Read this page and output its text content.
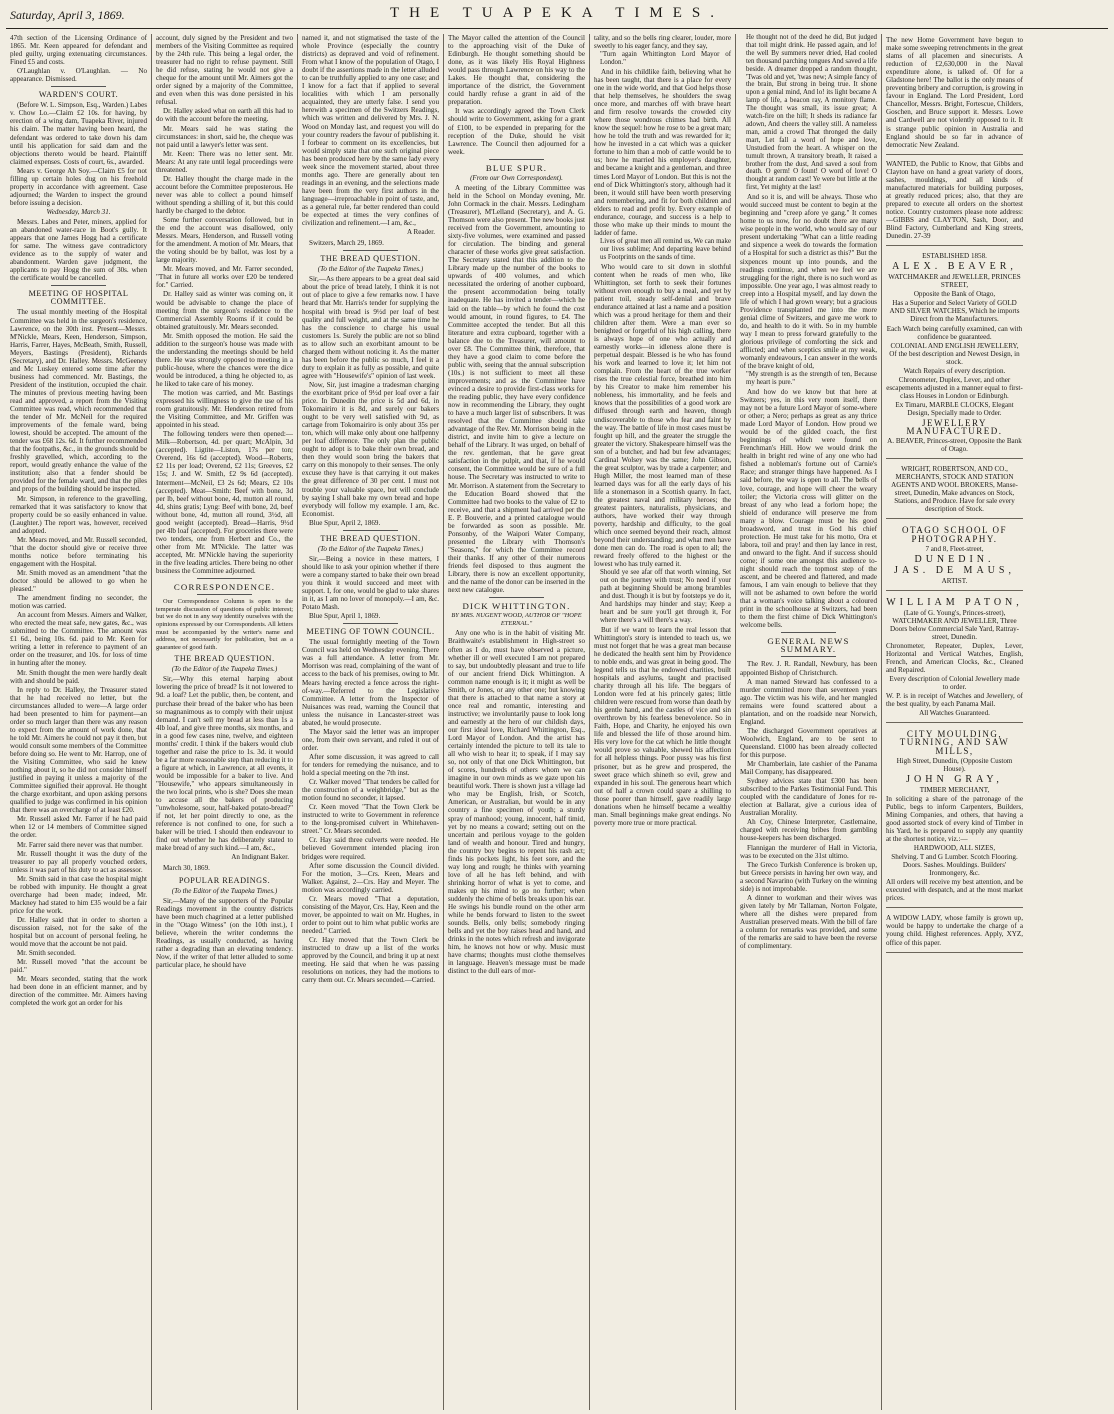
Saturday, April 3, 1869.	THE TUAPEKA TIMES.

47th section of the Licensing Ordinance of 1865. Mr. Keen appeared for defendant and pled guilty, urging extenuating circumstances. Fined £5 and costs.

O'Laughlan v. O'Laughlan. — No appearance. Dismissed.

WARDEN'S COURT.

(Before W. L. Simpson, Esq., Warden.) Labes v. Chow Lo.—Claim £2 10s. for having, by erection of a wing dam, Tuapeka River, injured his claim. The matter having been heard, the defendant was ordered to take down his dam until his application for said dam and the objections thereto would be heard. Plaintiff claimed expenses. Costs of court, 6s., awarded.

Mears v. George Ah Soy.—Claim £5 for not filling up certain holes dug on his freehold property in accordance with agreement. Case adjourned; the Warden to inspect the ground before issuing a decision.

Wednesday, March 31.

Messrs. Labes and Peter, miners, applied for an abandoned water-race in Boot's gully. It appears that one James Hogg had a certificate for same. The witness gave contradictory evidence as to the supply of water and abandonment. Warden gave judgment, the applicants to pay Hogg the sum of 30s. when the certificate would be cancelled.

MEETING OF HOSPITAL COMMITTEE.

The usual monthly meeting of the Hospital Committee was held in the surgeon's residence, Lawrence, on the 30th inst. Present—Messrs. M'Nickle, Mears, Keen, Henderson, Simpson, Harris, Farrer, Hayes, McBeath, Smith, Russell, Meyers, Bastings (President), Richards (Secretary), and Dr. Halley. Messrs. McGeeney and Mc Luskey entered some time after the business had commenced. Mr. Bastings, the President of the institution, occupied the chair. The minutes of previous meeting having been read and approved, a report from the Visiting Committee was read, which recommended that the tender of Mr. McNeil for the required improvements of the female ward, being lowest, should be accepted. The amount of the tender was £68 12s. 6d. It further recommended that the footpaths, &c., in the grounds should be freshly gravelled, which, according to the report, would greatly enhance the value of the institution; also that a fender should be provided for the female ward, and that the piles and props of the building should be inspected.

Mr. Simpson, in reference to the gravelling, remarked that it was satisfactory to know that property could be so easily enhanced in value. (Laughter.) The report was, however, received and adopted.

Mr. Mears moved, and Mr. Russell seconded, "that the doctor should give or receive three months notice before terminating his engagement with the Hospital.

Mr. Smith moved as an amendment "that the doctor should be allowed to go when he pleased."

The amendment finding no seconder, the motion was carried.

An account from Messrs. Aimers and Walker, who erected the meat safe, new gates, &c., was submitted to the Committee. The amount was £1 6d., being 10s. 6d. paid to Mr. Keen for writing a letter in reference to payment of an order on the treasurer, and 10s. for loss of time in hunting after the money.

Mr. Smith thought the men were hardly dealt with and should be paid.

In reply to Dr. Halley, the Treasurer stated that he had received no letter, but the circumstances alluded to were—A large order had been presented to him for payment—an order so much larger than there was any reason to expect from the amount of work done, that he told Mr. Aimers he could not pay it then, but would consult some members of the Committee before doing so. He went to Mr. Harrop, one of the Visiting Committee, who said he knew nothing about it, so he did not consider himself justified in paying it unless a majority of the Committee signified their approval. He thought the charge exorbitant, and upon asking persons qualified to judge was confirmed in his opinion that there was an overcharge of at least £20.

Mr. Russell asked Mr. Farrer if he had paid when 12 or 14 members of Committee signed the order.

Mr. Farrer said there never was that number.

Mr. Russell thought it was the duty of the treasurer to pay all properly vouched orders, unless it was part of his duty to act as assessor.

Mr. Smith said in that case the hospital might be robbed with impunity. He thought a great overcharge had been made; indeed, Mr. Mackney had stated to him £35 would be a fair price for the work.

Dr. Halley said that in order to shorten a discussion raised, not for the sake of the hospital but on account of personal feeling, he would move that the account be not paid.

Mr. Smith seconded.

Mr. Russell moved "that the account be paid."

Mr. Mears seconded, stating that the work had been done in an efficient manner, and by direction of the committee. Mr. Aimers having completed the work got an order for his

account, duly signed by the President and two members of the Visiting Committee as required by the 24th rule. This being a legal order, the treasurer had no right to refuse payment. Still he did refuse, stating he would not give a cheque for the amount until Mr. Aimers got the order signed by a majority of the Committee, and even when this was done persisted in his refusal.

Dr. Halley asked what on earth all this had to do with the account before the meeting.

Mr. Mears said he was stating the circumstances: in short, said he, the cheque was not paid until a lawyer's letter was sent.

Mr. Keen: There was no letter sent. Mr. Mears: At any rate until legal proceedings were threatened.

Dr. Halley thought the charge made in the account before the Committee preposterous. He never was able to collect a pound himself without spending a shilling of it, but this could hardly be charged to the debtor.

Some further conversation followed, but in the end the account was disallowed, only Messrs. Mears, Henderson, and Russell voting for the amendment. A motion of Mr. Mears, that the voting should be by ballot, was lost by a large majority.

Mr. Mears moved, and Mr. Farrer seconded, "That in future all works over £20 be tendered for." Carried.

Dr. Halley said as winter was coming on, it would be advisable to change the place of meeting from the surgeon's residence to the Commercial Assembly Rooms if it could be obtained gratuitously. Mr. Mears seconded.

Mr. Smith opposed the motion. He said the addition to the surgeon's house was made with the understanding the meetings should be held there. He was strongly opposed to meeting in a public-house, where the chances were the dice would be introduced, a thing he objected to, as he liked to take care of his money.

The motion was carried, and Mr. Bastings expressed his willingness to give the use of his room gratuitously. Mr. Henderson retired from the Visiting Committee, and Mr. Griffen was appointed in his stead.

The following tenders were then opened:—Milk—Robertson, 4d. per quart; McAlpin, 3d (accepted). Ligtite—Liston, 17s per ton; Overend, 16s 6d (accepted). Wood—Roberts, £2 11s per load; Overend, £2 11s; Greeves, £2 15s; J. and W. Smith, £2 9s 6d (accepted). Interment—McNeil, £3 2s 6d; Mears, £2 10s (accepted). Meat—Smith: Beef with bone, 3d per lb, beef without bone, 4d, mutton all round, 4d, shins gratis; Lyng: Beef with bone, 2d, beef without bone, 4d, mutton all round, 3½d, all good weight (accepted). Bread—Harris, 9½d per 4lb loaf (accepted). For groceries there were two tenders, one from Herbert and Co., the other from Mr. M'Nickle. The latter was accepted, Mr. M'Nickle having the superiority in the five leading articles. There being no other business the Committee adjourned.

CORRESPONDENCE.

Our Correspondence Column is open to the temperate discussion of questions of public interest; but we do not in any way identify ourselves with the opinions expressed by our Correspondents. All letters must be accompanied by the writer's name and address, not necessarily for publication, but as a guarantee of good faith.

THE BREAD QUESTION.
(To the Editor of the Tuapeka Times.)

Sir,—Why this eternal harping about lowering the price of bread? Is it not lowered to 9d. a loaf? Let the public, then, be content, and purchase their bread of the baker who has been so magnanimous as to comply with their unjust demand. I can't sell my bread at less than 1s a 4lb loaf, and give three months, six months, and in a good few cases nine, twelve, and eighteen months' credit. I think if the bakers would club together and raise the price to 1s. 3d. it would be a far more reasonable step than reducing it to a figure at which, in Lawrence, at all events, it would be impossible for a baker to live. And "Housewife," who appears simultaneously in the two local prints, who is she? Does she mean to accuse all the bakers of producing "unwholesome, sour, half-baked potato-bread?" if not, let her point directly to one, as the reference is not confined to one, for such a baker will be tried. I should then endeavour to find out whether he has deliberately stated to make bread of any such kind.—I am, &c.,

An Indignant Baker.
March 30, 1869.
POPULAR READINGS.
(To the Editor of the Tuapeka Times.)

Sir,—Many of the supporters of the Popular Readings movement in the country districts have been much chagrined at a letter published in the "Otago Witness" (on the 10th inst.), I believe, wherein the writer condemns the Readings, as usually conducted, as having rather a degrading than an elevating tendency. Now, if the writer of that letter alluded to some particular place, he should have

named it, and not stigmatised the taste of the whole Province (especially the country districts) as depraved and void of refinement. From what I know of the population of Otago, I doubt if the assertions made in the letter alluded to can be truthfully applied to any one case; and I know for a fact that if applied to several localities with which I am personally acquainted, they are utterly false. I send you herewith a specimen of the Switzers Readings, which was written and delivered by Mrs. J. N. Wood on Monday last, and request you will do your country readers the favour of publishing it. I forbear to comment on its excellencies, but would simply state that one such original piece has been produced here by the same lady every week since the movement started, about three months ago. There are generally about ten readings in an evening, and the selections made have been from the very first authors in the language—irreproachable in point of taste, and, as a general rule, far better rendered than could be expected at times the very confines of civilization and refinement.—I am, &c.,

A Reader.
Switzers, March 29, 1869.
THE BREAD QUESTION.
(To the Editor of the Tuapeka Times.)

Sir,—As there appears to be a great deal said about the price of bread lately, I think it is not out of place to give a few remarks now. I have heard that Mr. Harris's tender for supplying the hospital with bread is 9½d per loaf of best quality and full weight, and at the same time he has the conscience to charge his usual customers 1s. Surely the public are not so blind as to allow such an exorbitant amount to be charged them without noticing it. As the matter has been before the public so much, I feel it a duty to explain it as fully as possible, and quite agree with "Housewife's" opinion of last week.

Now, Sir, just imagine a tradesman charging the exorbitant price of 9½d per loaf over a fair price. In Dunedin the price is 5d and 6d, in Tokomairiro it is 8d, and surely our bakers ought to be very well satisfied with 9d, as cartage from Tokomairiro is only about 35s per ton, which will make only about one halfpenny per loaf difference. The only plan the public ought to adopt is to bake their own bread, and then they would soon bring the bakers that carry on this monopoly to their senses. The only excuse they have is that carrying it out makes the great difference of 30 per cent. I must not trouble your valuable space, but will conclude by saying I shall bake my own bread and hope everybody will follow my example. I am, &c. Economist.

Blue Spur, April 2, 1869.
THE BREAD QUESTION.
(To the Editor of the Tuapeka Times.)

Sir,—Being a novice in these matters, I should like to ask your opinion whether if there were a company started to bake their own bread you think it would succeed and meet with support. I, for one, would be glad to take shares in it, as I am no lover of monopoly.—I am, &c. Potato Mash.

Blue Spur, April 1, 1869.
MEETING OF TOWN COUNCIL.

The usual fortnightly meeting of the Town Council was held on Wednesday evening. There was a full attendance. A letter from Mr. Morrison was read, complaining of the want of access to the back of his premises, owing to Mr. Mears having erected a fence across the right-of-way.—Referred to the Legislative Committee. A letter from the Inspector of Nuisances was read, warning the Council that unless the nuisance in Lancaster-street was abated, he would prosecute.

The Mayor said the letter was an improper one, from their own servant, and ruled it out of order.

After some discussion, it was agreed to call for tenders for remedying the nuisance, and to hold a special meeting on the 7th inst.

Cr. Walker moved "That tenders be called for the construction of a weighbridge," but as the motion found no seconder, it lapsed.

Cr. Keen moved "That the Town Clerk be instructed to write to Government in reference to the long-promised culvert in Whitehaven-street." Cr. Mears seconded.

Cr. Hay said three culverts were needed. He believed Government intended placing iron bridges were required.

After some discussion the Council divided. For the motion, 3—Crs. Keen, Mears and Walker. Against, 2—Crs. Hay and Meyer. The motion was accordingly carried.

Cr. Mears moved "That a deputation, consisting of the Mayor, Crs. Hay, Keen and the mover, be appointed to wait on Mr. Hughes, in order to point out to him what public works are needed." Carried.

Cr. Hay moved that the Town Clerk be instructed to draw up a list of the works approved by the Council, and bring it up at next meeting. He said that when he was passing resolutions on notices, they had the motions to carry them out. Cr. Mears seconded.—Carried.

The Mayor called the attention of the Council to the approaching visit of the Duke of Edinburgh. He thought something should be done, as it was likely His Royal Highness would pass through Lawrence on his way to the Lakes. He thought that, considering the importance of the district, the Government could hardly refuse a grant in aid of the preparation.

It was accordingly agreed the Town Clerk should write to Government, asking for a grant of £100, to be expended in preparing for the reception of the Duke, should he visit Lawrence. The Council then adjourned for a week.

BLUE SPUR.
(From our Own Correspondent).

A meeting of the Library Committee was held in the School on Monday evening, Mr. John Cormack in the chair. Messrs. Ledingham (Treasurer), M'Lelland (Secretary), and A. G. Thomson were also present. The new books just received from the Government, amounting to sixty-five volumes, were examined and passed for circulation. The binding and general character of these works give great satisfaction. The Secretary stated that this addition to the Library made up the number of the books to upwards of 400 volumes, and which necessitated the ordering of another cupboard, the present accommodation being totally inadequate. He has invited a tender—which he laid on the table—by which he found the cost would amount, in round figures, to £4. The Committee accepted the tender. But all this literature and extra cupboard, together with a balance due to the Treasurer, will amount to over £8. The Committee think, therefore, that they have a good claim to come before the public with, seeing that the annual subscription (10s.) is not sufficient to meet all these improvements; and as the Committee have evinced a desire to provide first-class works for the reading public, they have every confidence now in recommending the Library, they ought to have a much larger list of subscribers. It was resolved that the Committee should take advantage of the Rev. Mr. Morrison being in the district, and invite him to give a lecture on behalf of the Library. It was urged, on behalf of the rev. gentleman, that he gave great satisfaction in the pulpit, and that, if he would consent, the Committee would be sure of a full house. The Secretary was instructed to write to Mr. Morrison. A statement from the Secretary to the Education Board showed that the Committee had two books to the value of £2 to receive, and that a shipment had arrived per the E. P. Bouverie, and a printed catalogue would be forwarded as soon as possible. Mr. Ponsonby, of the Waipori Water Company, presented the Library with Thomson's "Seasons," for which the Committee record their thanks. If any other of their numerous friends feel disposed to thus augment the Library, there is now an excellent opportunity, and the name of the donor can be inserted in the next new catalogue.

DICK WHITTINGTON.
BY MRS. NUGENT WOOD, AUTHOR OF "HOPE ETERNAL."

Any one who is in the habit of visiting Mr. Braithwaite's establishment in High-street so often as I do, must have observed a picture, whether ill or well executed I am not prepared to say, but undoubtedly pleasant and true to life of our ancient friend Dick Whittington. A common name enough is it; it might as well be Smith, or Jones, or any other one; but knowing that there is attached to that name a story at once real and romantic, interesting and instructive; we involuntarily pause to look long and earnestly at the hero of our childish days, our first ideal love, Richard Whittington, Esq., Lord Mayor of London. And the artist has certainly intended the picture to tell its tale to all who wish to hear it; to speak, if I may say so, not only of that one Dick Whittington, but of scores, hundreds of others whom we can imagine in our own minds as we gaze upon his beautiful work. There is shown just a village lad who may be English, Irish, or Scotch, American, or Australian, but would be in any country a fine specimen of youth; a sturdy spray of manhood; young, innocent, half timid, yet by no means a coward; setting out on the uncertain and perilous voyage to the golden land of wealth and honour. Tired and hungry, the country boy begins to repent his rash act; finds his pockets light, his feet sore, and the way long and rough; he thinks with yearning love of all he has left behind, and with shrinking horror of what is yet to come, and makes up his mind to go no further; when suddenly the chime of bells breaks upon his ear. He swings his bundle round on the other arm while he bends forward to listen to the sweet sounds. Bells, only bells; somebody ringing bells and yet the boy raises head and hand, and drinks in the notes which refresh and invigorate him, he knows not how or why. Music must have charms; thoughts must clothe themselves in language. Heaven's message must be made distinct to the dull ears of mor-

tality, and so the bells ring clearer, louder, more sweetly to his eager fancy, and they say,

"Turn again Whittington Lord Mayor of London."

And in his childlike faith, believing what he has been taught, that there is a place for every one in the wide world, and that God helps those that help themselves, he shoulders the swag once more, and marches off with brave heart and firm resolve towards the crowded city where those wondrous chimes had birth. All know the sequel: how he rose to be a great man; how he told the truth and was rewarded for it; how he invested in a cat which was a quicker fortune to him than a mob of cattle would be to us; how he married his employer's daughter, and became a knight and a gentleman, and three times Lord Mayor of London. But this is not the end of Dick Whittington's story, although had it been, it would still have been worth preserving and remembering, and fit for both children and elders to read and profit by. Every example of endurance, courage, and success is a help to those who make up their minds to mount the ladder of fame.

Lives of great men all remind us, We can make our lives sublime; And departing leave behind us Footprints on the sands of time.

Who would care to sit down in slothful content when he reads of men who, like Whittington, set forth to seek their fortunes without even enough to buy a meal, and yet by patient toil, steady self-denial and brave endurance attained at last a name and a position which was a proud heritage for them and their children after them. Were a man ever so benighted or forgetful of his high calling, there is always hope of one who actually and earnestly works—in idleness alone there is perpetual despair. Blessed is he who has found his work and learned to love it; let him not complain. From the heart of the true worker rises the true celestial force, breathed into him by his Creator to make him remember his nobleness, his immortality, and he feels and knows that the possibilities of a good work are diffused through earth and heaven, though undiscoverable to those who fear and faint by the way. The battle of life in most cases must be fought up hill, and the greater the struggle the greater the victory. Shakespeare himself was the son of a butcher, and had but few advantages; Cardinal Wolsey was the same; John Gibson, the great sculptor, was by trade a carpenter; and Hugh Miller, the most learned man of these learned days was for all the early days of his life a stonemason in a Scottish quarry. In fact, the greatest naval and military heroes; the greatest painters, naturalists, physicians, and authors, have worked their way through poverty, hardship and difficulty, to the goal which once seemed beyond their reach, almost beyond their understanding; and what men have done men can do. The road is open to all; the reward freely offered to the highest or the lowest who has truly earned it.

Should ye see afar off that worth winning, Set out on the journey with trust; No need if your path at beginning Should be among brambles and dust. Though it is but by footsteps ye do it, And hardships may hinder and stay; Keep a heart and be sure you'll get through it, For where there's a will there's a way.

But if we want to learn the real lesson that Whittington's story is intended to teach us, we must not forget that he was a great man because he dedicated the health sent him by Providence to noble ends, and was great in being good. The legend tells us that he endowed charities, built hospitals and asylums, taught and practised charity through all his life. The beggars of London were fed at his princely gates; little children were rescued from worse than death by his gentle hand, and the castles of vice and sin overthrown by his fearless benevolence. So in Faith, Hope, and Charity, he enjoyed his own life and blessed the life of those around him. His very love for the cat which he little thought would prove so valuable, shewed his affection for all helpless things. Poor pussy was his first prisoner, but as he grew and prospered, the sweet grace which shineth so evil, grew and expanded in his soul. The generous heart which out of half a crown could spare a shilling to those poorer than himself, gave readily large donations when he himself became a wealthy man. Small beginnings make great endings. No poverty more true or more practical.

He thought not of the deed he did, But judged that toil might drink. He passed again, and lo! the well By summers never dried, Had cooled ten thousand parching tongues And saved a life beside. A dreamer dropped a random thought, 'Twas old and yet, 'twas new; A simple fancy of the brain, But strong in being true. It shone upon a genial mind, And lo! its light became A lamp of life, a beacon ray, A monitory flame. The thought was small, its issue great; A watch-fire on the hill; It sheds its radiance far adown, And cheers the valley still. A nameless man, amid a crowd That thronged the daily mart, Let fall a word of hope and love, Unstudied from the heart. A whisper on the tumult thrown, A transitory breath, It raised a brother from the dust, And saved a soul from death. O germ! O fount! O word of love! O thought at random cast! Ye were but little at the first, Yet mighty at the last!

And so it is, and will be always. Those who would succeed must be content to begin at the beginning and "creep afore ye gang." It comes home to us now, for no doubt there are many wise people in the world, who would say of our present undertaking "What can a little reading and sixpence a week do towards the formation of a Hospital for such a district as this?" But the sixpences mount up into pounds, and the readings continue, and when we feel we are struggling for the right, there is no such word as impossible. One year ago, I was almost ready to creep into a Hospital myself, and lay down the life of which I had grown weary; but a gracious Providence transplanted me into the more genial clime of Switzers, and gave me work to do, and health to do it with. So in my humble way I mean to press forward gratefully to the glorious privilege of comforting the sick and afflicted; and when sceptics smile at my weak, womanly endeavours, I can answer in the words of the brave knight of old,

"My strength is as the strength of ten, Because my heart is pure."

And how do we know but that here at Switzers; yes, in this very room itself, there may not be a future Lord Mayor of some-where or other; a Nero; perhaps as great as any thrice made Lord Mayor of London. How proud we would be of the gilded coach, the first beginnings of which were found on Frenchman's Hill. How we would drink the health in bright red wine of any one who had fished a nobleman's fortune out of Carnie's Race; and stranger things have happened. As I said before, the way is open to all. The bells of love, courage, and hope will cheer the weary toiler; the Victoria cross will glitter on the breast of any who lead a forlorn hope; the shield of endurance will preserve me from many a blow. Courage must be his good broadsword, and trust in God his chief protection. He must take for his motto, Ora et labora, toil and pray! and then lay lance in rest, and onward to the fight. And if success should come; if some one amongst this audience to-night should reach the topmost step of the ascent, and be cheered and flattered, and made famous, I am vain enough to believe that they will not be ashamed to own before the world that a woman's voice talking about a coloured print in the schoolhouse at Switzers, had been to them the first chime of Dick Whittington's welcome bells.

GENERAL NEWS SUMMARY.

The Rev. J. R. Randall, Newbury, has been appointed Bishop of Christchurch.

A man named Steward has confessed to a murder committed more than seventeen years ago. The victim was his wife, and her mangled remains were found scattered about a plantation, and on the roadside near Norwich, England.

The discharged Government operatives at Woolwich, England, are to be sent to Queensland. £1000 has been already collected for this purpose.

Mr Chamberlain, late cashier of the Panama Mail Company, has disappeared.

Sydney advices state that £300 has been subscribed to the Parkes Testimonial Fund. This coupled with the candidature of Jones for re-election at Ballarat, give a curious idea of Australian Morality.

Ah Coy, Chinese Interpreter, Castlemaine, charged with receiving bribes from gambling house-keepers has been discharged.

Flannigan the murderer of Hall in Victoria, was to be executed on the 31st ultimo.

The Greco Turkish Conference is broken up, but Greece persists in having her own way, and a second Navarino (with Turkey on the winning side) is not improbable.

A dinner to workman and their wives was given lately by Mr Tallaman, Norton Folgate, where all the dishes were prepared from Australian preserved meats. With the bill of fare a column for remarks was provided, and some of the remarks are said to have been the reverse of complimentary.

The new Home Government have begun to make some sweeping retrenchments in the great slams of all placemen and sinecurists. A reduction of £2,630,000 in the Naval expenditure alone, is talked of. Of for a Gladstone here! The ballot is the only means of preventing bribery and corruption, is growing in favour in England. The Lord President, Lord Chancellor, Messrs. Bright, Fortescue, Childers, Goschen, and Bruce support it. Messrs. Lowe and Cardwell are not violently opposed to it. It is strange public opinion in Australia and England should be so far in advance of democratic New Zealand.

WANTED, the Public to Know, that Gibbs and Clayton have on hand a great variety of doors, sashes, mouldings, and all kinds of manufactured materials for building purposes, at greatly reduced prices; also, that they are prepared to execute all orders on the shortest notice. Country customers please note address:—GIBBS and CLAYTON, Sash, Door, and Blind Factory, Cumberland and King streets, Dunedin. 27-39

ESTABLISHED 1858.
ALEX. BEAVER,
WATCHMAKER and JEWELLER, PRINCES STREET,
Opposite the Bank of Otago,
Has a Superior and Select Variety of GOLD AND SILVER WATCHES, Which he imports Direct from the Manufacturers.
Each Watch being carefully examined, can with confidence be guaranteed.
COLONIAL AND ENGLISH JEWELLERY, Of the best description and Newest Design, in stock.
Watch Repairs of every description.
Chronometer, Duplex, Lever, and other escapements adjusted in a manner equal to first-class Houses in London or Edinburgh.
Ex Timaru, MARBLE CLOCKS, Elegant Design, Specially made to Order.
JEWELLERY MANUFACTURED.
A. BEAVER, Princes-street, Opposite the Bank of Otago.
WRIGHT, ROBERTSON, AND CO., MERCHANTS, STOCK AND STATION AGENTS AND WOOL BROKERS, Manse-street, Dunedin, Make advances on Stock, Stations, and Produce. Have for sale every description of Stock.
OTAGO SCHOOL OF PHOTOGRAPHY.
7 and 8, Fleet-street,
DUNEDIN.
JAS. DE MAUS,
ARTIST.
WILLIAM PATON,
(Late of G. Young's, Princes-street), WATCHMAKER AND JEWELLER, Three Doors below Commercial Sale Yard, Rattray-street, Dunedin.
Chronometer, Repeater, Duplex, Lever, Horizontal and Vertical Watches, English, French, and American Clocks, &c., Cleaned and Repaired.
Every description of Colonial Jewellery made to order.
W. P. is in receipt of Watches and Jewellery, of the best quality, by each Panama Mail.
All Watches Guaranteed.
CITY MOULDING, TURNING, AND SAW MILLS,
High Street, Dunedin, (Opposite Custom House).
JOHN GRAY,
TIMBER MERCHANT,
In soliciting a share of the patronage of the Public, begs to inform Carpenters, Builders, Mining Companies, and others, that having a good assorted stock of every kind of Timber in his Yard, he is prepared to supply any quantity at the shortest notice, viz.:—
HARDWOOD, ALL SIZES,
Shelving. T and G Lumber. Scotch Flooring. Doors. Sashes. Mouldings. Builders' Ironmongery, &c.
All orders will receive my best attention, and be executed with despatch, and at the most market prices.
A WIDOW LADY, whose family is grown up, would be happy to undertake the charge of a young child. Highest references. Apply, XYZ, office of this paper.
